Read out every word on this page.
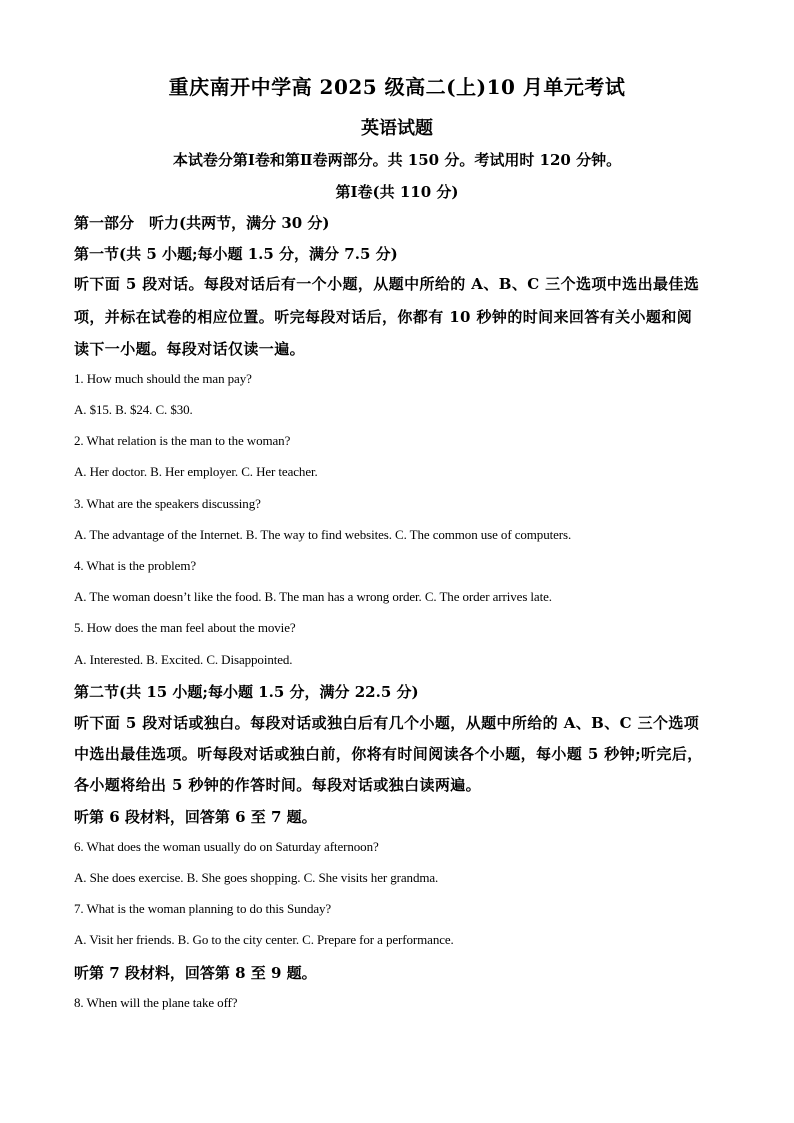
重庆南开中学高 2025 级高二(上)10 月单元考试
英语试题
本试卷分第Ⅰ卷和第Ⅱ卷两部分。共 150 分。考试用时 120 分钟。
第Ⅰ卷(共 110 分)
第一部分　听力(共两节，满分 30 分)
第一节(共 5 小题;每小题 1.5 分，满分 7.5 分)
听下面 5 段对话。每段对话后有一个小题，从题中所给的 A、B、C 三个选项中选出最佳选
项，并标在试卷的相应位置。听完每段对话后，你都有 10 秒钟的时间来回答有关小题和阅
读下一小题。每段对话仅读一遍。
1. How much should the man pay?
A. $15. B. $24. C. $30.
2. What relation is the man to the woman?
A. Her doctor. B. Her employer. C. Her teacher.
3. What are the speakers discussing?
A. The advantage of the Internet. B. The way to find websites. C. The common use of computers.
4. What is the problem?
A. The woman doesn’t like the food. B. The man has a wrong order. C. The order arrives late.
5. How does the man feel about the movie?
A. Interested. B. Excited. C. Disappointed.
第二节(共 15 小题;每小题 1.5 分，满分 22.5 分)
听下面 5 段对话或独白。每段对话或独白后有几个小题，从题中所给的 A、B、C 三个选项
中选出最佳选项。听每段对话或独白前，你将有时间阅读各个小题，每小题 5 秒钟;听完后，
各小题将给出 5 秒钟的作答时间。每段对话或独白读两遍。
听第 6 段材料，回答第 6 至 7 题。
6. What does the woman usually do on Saturday afternoon?
A. She does exercise. B. She goes shopping. C. She visits her grandma.
7. What is the woman planning to do this Sunday?
A. Visit her friends. B. Go to the city center. C. Prepare for a performance.
听第 7 段材料，回答第 8 至 9 题。
8. When will the plane take off?
